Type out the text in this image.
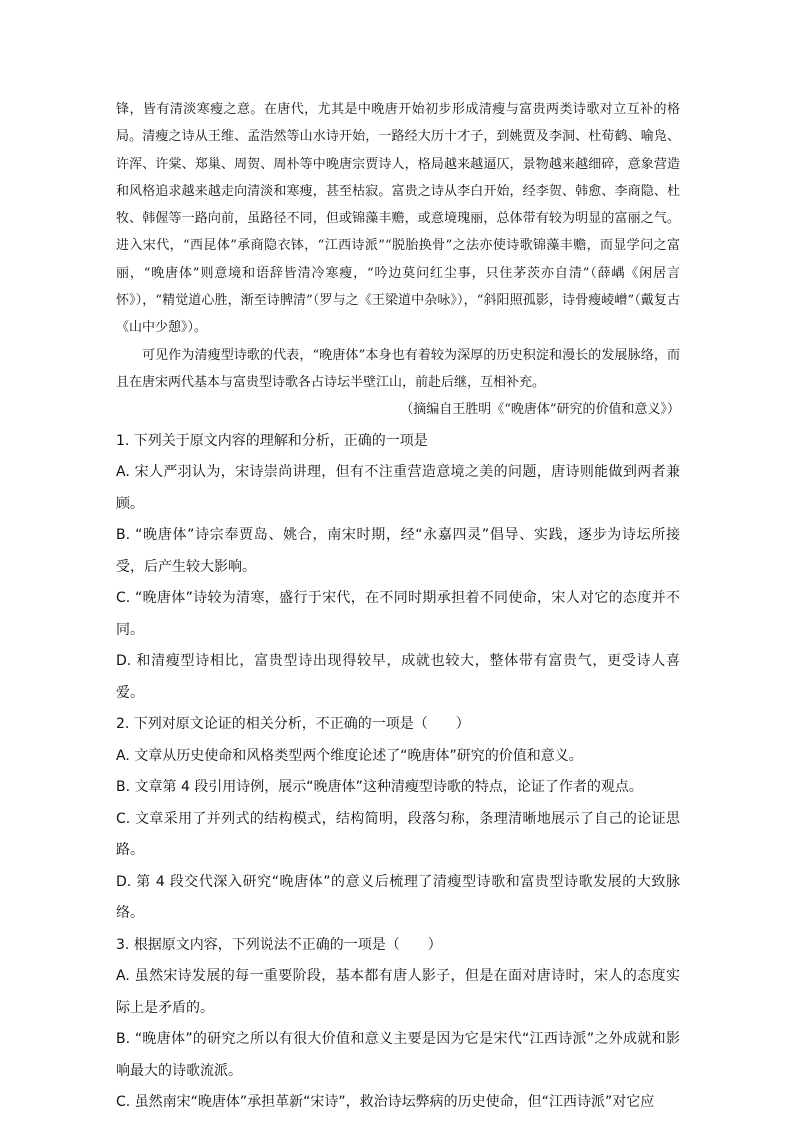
锋，皆有清淡寒瘦之意。在唐代，尤其是中晚唐开始初步形成清瘦与富贵两类诗歌对立互补的格局。清瘦之诗从王维、孟浩然等山水诗开始，一路经大历十才子，到姚贾及李洞、杜荀鹤、喻凫、许浑、许棠、郑巢、周贺、周朴等中晚唐宗贾诗人，格局越来越逼仄，景物越来越细碎，意象营造和风格追求越来越走向清淡和寒瘦，甚至枯寂。富贵之诗从李白开始，经李贺、韩愈、李商隐、杜牧、韩偓等一路向前，虽路径不同，但或锦藻丰赡，或意境瑰丽，总体带有较为明显的富丽之气。进入宋代，“西昆体”承商隐衣钵，“江西诗派”“脱胎换骨”之法亦使诗歌锦藻丰赡，而显学问之富丽，“晚唐体”则意境和语辞皆清冷寒瘦，“吟边莫问红尘事，只住茅茨亦自清”（薛嵎《闲居言怀》），“精觉道心胜，渐至诗脾清”（罗与之《王梁道中杂咏》），“斜阳照孤影，诗骨瘦崚嶒”（戴复古《山中少憩》）。

可见作为清瘦型诗歌的代表，“晚唐体”本身也有着较为深厚的历史积淀和漫长的发展脉络，而且在唐宋两代基本与富贵型诗歌各占诗坛半壁江山，前赴后继，互相补充。

（摘编自王胜明《“晚唐体”研究的价值和意义》）

1. 下列关于原文内容的理解和分析，正确的一项是

A. 宋人严羽认为，宋诗崇尚讲理，但有不注重营造意境之美的问题，唐诗则能做到两者兼顾。

B. “晚唐体”诗宗奉贾岛、姚合，南宋时期，经“永嘉四灵”倡导、实践，逐步为诗坛所接受，后产生较大影响。

C. “晚唐体”诗较为清寒，盛行于宋代，在不同时期承担着不同使命，宋人对它的态度并不同。

D. 和清瘦型诗相比，富贵型诗出现得较早，成就也较大，整体带有富贵气，更受诗人喜爱。

2. 下列对原文论证的相关分析，不正确的一项是（　　）

A. 文章从历史使命和风格类型两个维度论述了“晚唐体”研究的价值和意义。

B. 文章第 4 段引用诗例，展示“晚唐体”这种清瘦型诗歌的特点，论证了作者的观点。

C. 文章采用了并列式的结构模式，结构简明，段落匀称，条理清晰地展示了自己的论证思路。

D. 第 4 段交代深入研究“晚唐体”的意义后梳理了清瘦型诗歌和富贵型诗歌发展的大致脉络。

3. 根据原文内容，下列说法不正确的一项是（　　）

A. 虽然宋诗发展的每一重要阶段，基本都有唐人影子，但是在面对唐诗时，宋人的态度实际上是矛盾的。

B. “晚唐体”的研究之所以有很大价值和意义主要是因为它是宋代“江西诗派”之外成就和影响最大的诗歌流派。

C. 虽然南宋“晚唐体”承担革新“宋诗”，救治诗坛弊病的历史使命，但“江西诗派”对它应
